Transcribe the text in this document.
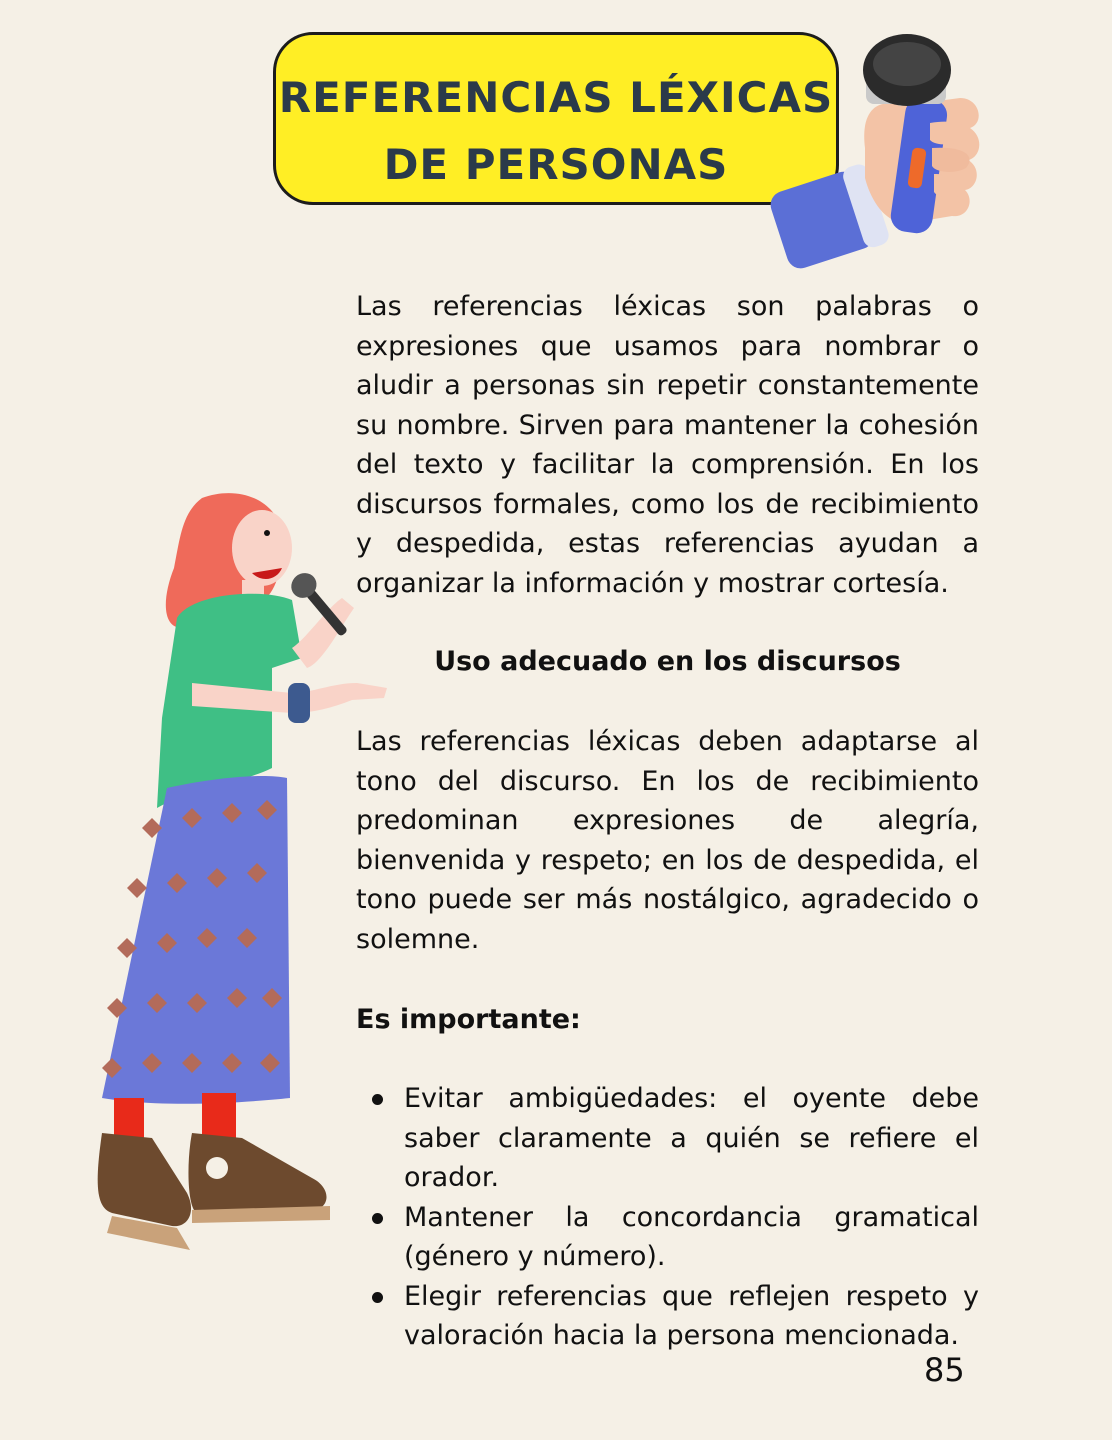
REFERENCIAS LÉXICAS
DE PERSONAS

Las referencias léxicas son palabras o expresiones que usamos para nombrar o aludir a personas sin repetir constantemente su nombre. Sirven para mantener la cohesión del texto y facilitar la comprensión. En los discursos formales, como los de recibimiento y despedida, estas referencias ayudan a organizar la información y mostrar cortesía.

Uso adecuado en los discursos

Las referencias léxicas deben adaptarse al tono del discurso. En los de recibimiento predominan expresiones de alegría, bienvenida y respeto; en los de despedida, el tono puede ser más nostálgico, agradecido o solemne.

Es importante:

Evitar ambigüedades: el oyente debe saber claramente a quién se refiere el orador.
Mantener la concordancia gramatical (género y número).
Elegir referencias que reflejen respeto y valoración hacia la persona mencionada.
85
